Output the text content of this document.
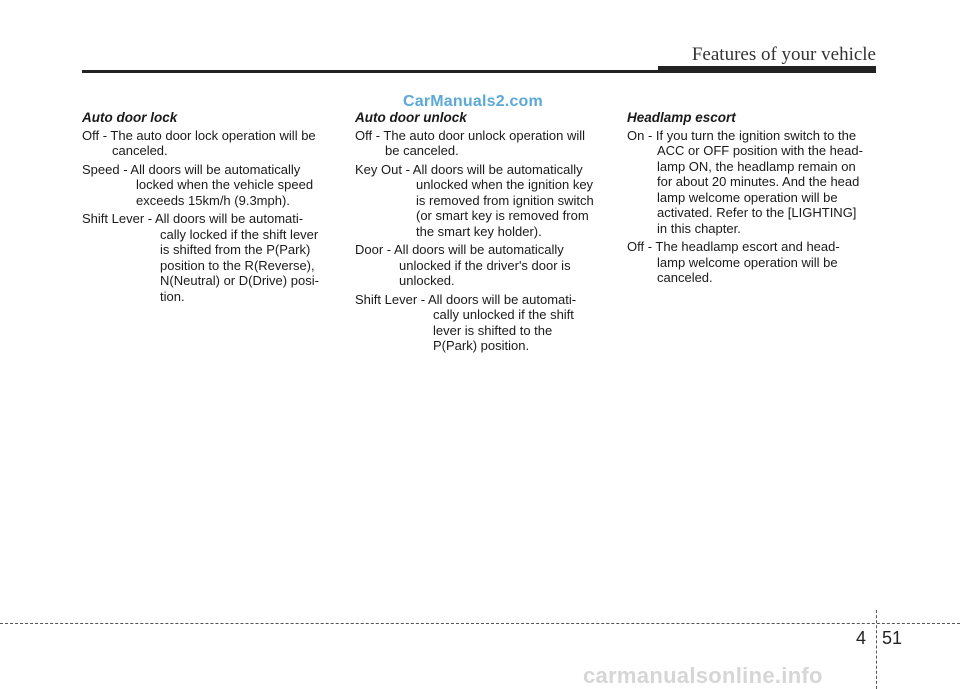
Features of your vehicle
CarManuals2.com
Auto door lock
Off - The auto door lock operation will be
canceled.
Speed - All doors will be automatically
locked when the vehicle speed
exceeds 15km/h (9.3mph).
Shift Lever - All doors will be automati-
cally locked if the shift lever
is shifted from the P(Park)
position to the R(Reverse),
N(Neutral) or D(Drive) posi-
tion.
Auto door unlock
Off - The auto door unlock operation will
be canceled.
Key Out - All doors will be automatically
unlocked when the ignition key
is removed from ignition switch
(or smart key is removed from
the smart key holder).
Door - All doors will be automatically
unlocked if the driver's door is
unlocked.
Shift Lever - All doors will be automati-
cally unlocked if the shift
lever is shifted to the
P(Park) position.
Headlamp escort
On - If you turn the ignition switch to the
ACC or OFF position with the head-
lamp ON, the headlamp remain on
for about 20 minutes. And the head
lamp welcome operation will be
activated. Refer to the [LIGHTING]
in this chapter.
Off - The headlamp escort and head-
lamp welcome operation will be
canceled.
4 51
carmanualsonline.info
